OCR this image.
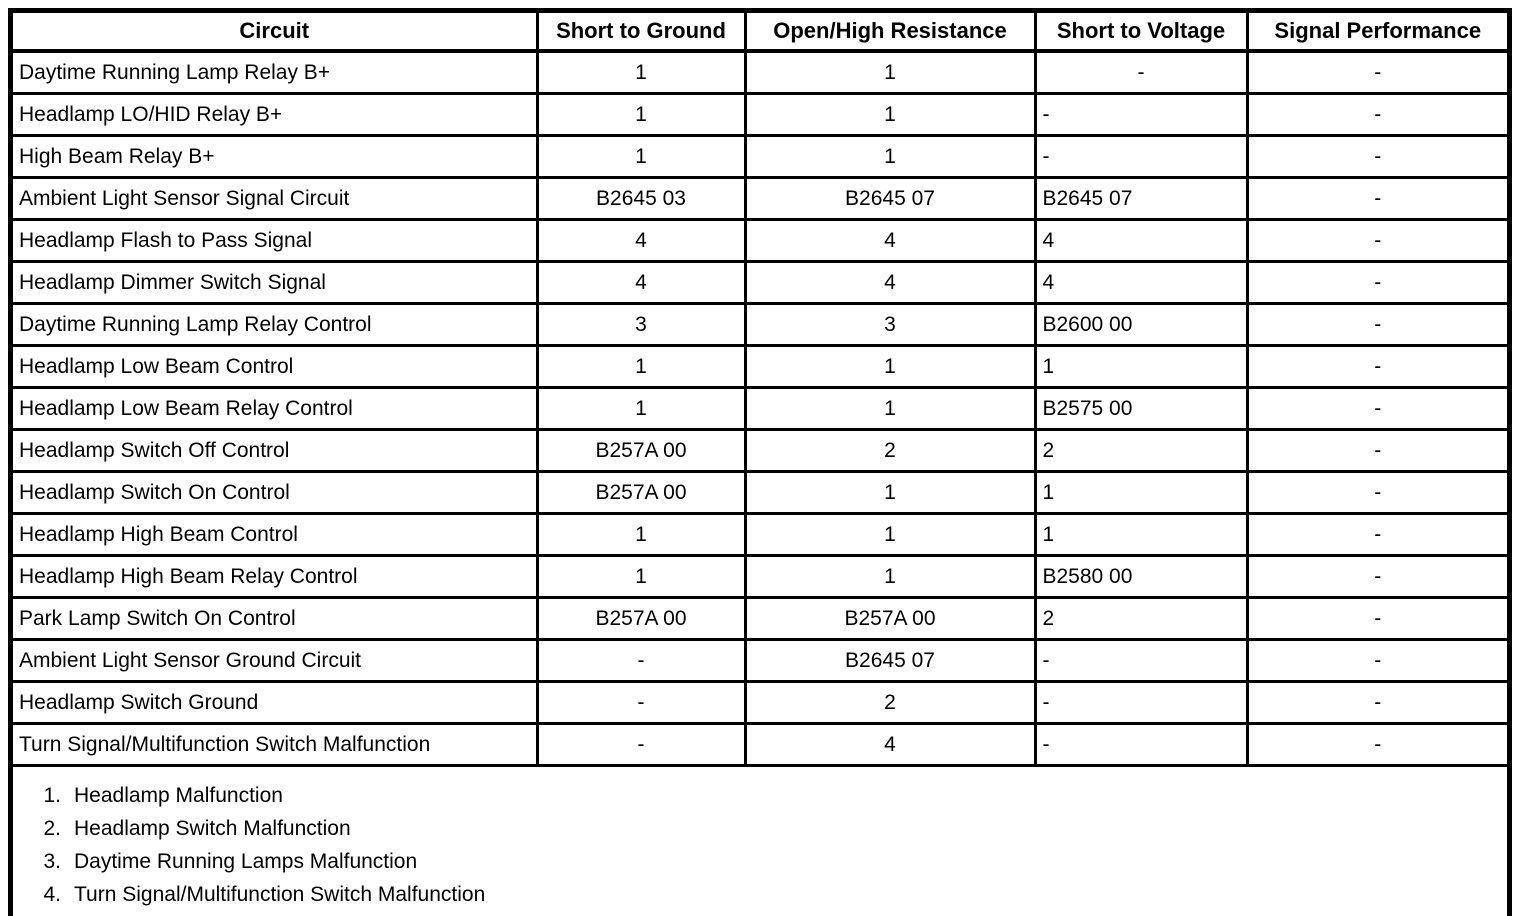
Circuit	Short to Ground	Open/High Resistance	Short to Voltage	Signal Performance
Daytime Running Lamp Relay B+	1	1	-	-
Headlamp LO/HID Relay B+	1	1	-	-
High Beam Relay B+	1	1	-	-
Ambient Light Sensor Signal Circuit	B2645 03	B2645 07	B2645 07	-
Headlamp Flash to Pass Signal	4	4	4	-
Headlamp Dimmer Switch Signal	4	4	4	-
Daytime Running Lamp Relay Control	3	3	B2600 00	-
Headlamp Low Beam Control	1	1	1	-
Headlamp Low Beam Relay Control	1	1	B2575 00	-
Headlamp Switch Off Control	B257A 00	2	2	-
Headlamp Switch On Control	B257A 00	1	1	-
Headlamp High Beam Control	1	1	1	-
Headlamp High Beam Relay Control	1	1	B2580 00	-
Park Lamp Switch On Control	B257A 00	B257A 00	2	-
Ambient Light Sensor Ground Circuit	-	B2645 07	-	-
Headlamp Switch Ground	-	2	-	-
Turn Signal/Multifunction Switch Malfunction	-	4	-	-
1. Headlamp Malfunction
2. Headlamp Switch Malfunction
3. Daytime Running Lamps Malfunction
4. Turn Signal/Multifunction Switch Malfunction
